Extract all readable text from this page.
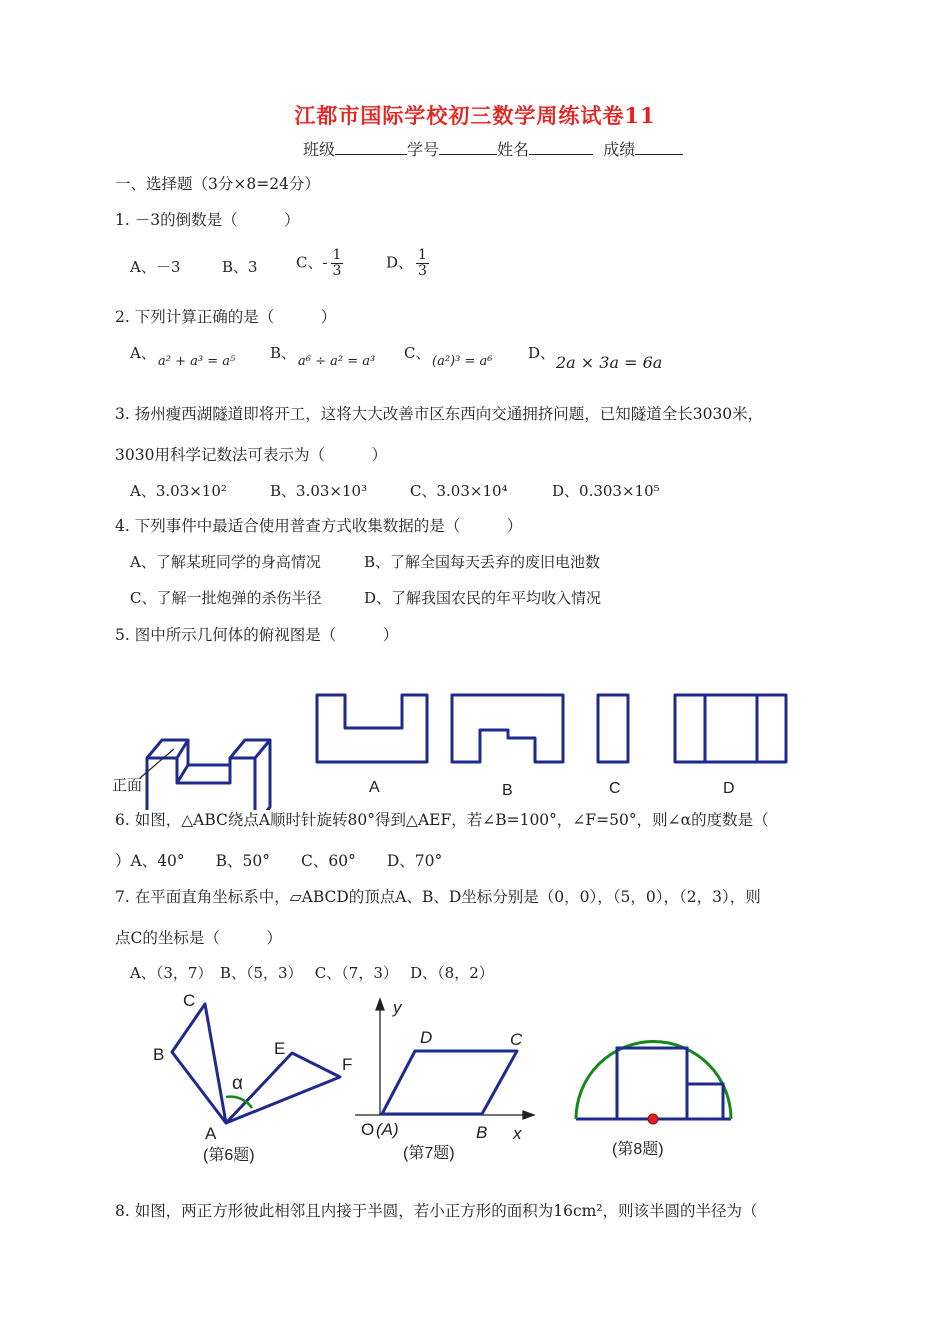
江都市国际学校初三数学周练试卷11
班级	学号	姓名	成绩
一、选择题（3分×8=24分）
1. －3的倒数是（　　　）
A、－3	B、3	C、- $\frac{1}{3}$	D、 $\frac{1}{3}$
2. 下列计算正确的是（　　　）
A、 a² + a³ = a⁵ B、 a⁶ ÷ a² = a³ C、 (a²)³ = a⁶ D、 2a × 3a = 6a
3. 扬州瘦西湖隧道即将开工，这将大大改善市区东西向交通拥挤问题，已知隧道全长3030米，
3030用科学记数法可表示为（　　　）
A、3.03×10²	B、3.03×10³	C、3.03×10⁴	D、0.303×10⁵
4. 下列事件中最适合使用普查方式收集数据的是（　　　）
A、了解某班同学的身高情况	B、了解全国每天丢弃的废旧电池数
C、了解一批炮弹的杀伤半径	D、了解我国农民的年平均收入情况
5. 图中所示几何体的俯视图是（　　　）
正面	A	B	C	D
6. 如图，△ABC绕点A顺时针旋转80°得到△AEF，若∠B=100°，∠F=50°，则∠α的度数是（
）A、40°　　B、50°　　C、60°　　D、70°
7. 在平面直角坐标系中，▱ABCD的顶点A、B、D坐标分别是（0，0），（5，0），（2，3），则
点C的坐标是（　　　）
A、（3，7）　B、（5，3）　 C、（7，3）　 D、（8，2）
C
B	E
F
α
A
(第6题)
y
x
D	C
O (A)	B
(第7题)	(第8题)
8. 如图，两正方形彼此相邻且内接于半圆，若小正方形的面积为16cm²，则该半圆的半径为（
